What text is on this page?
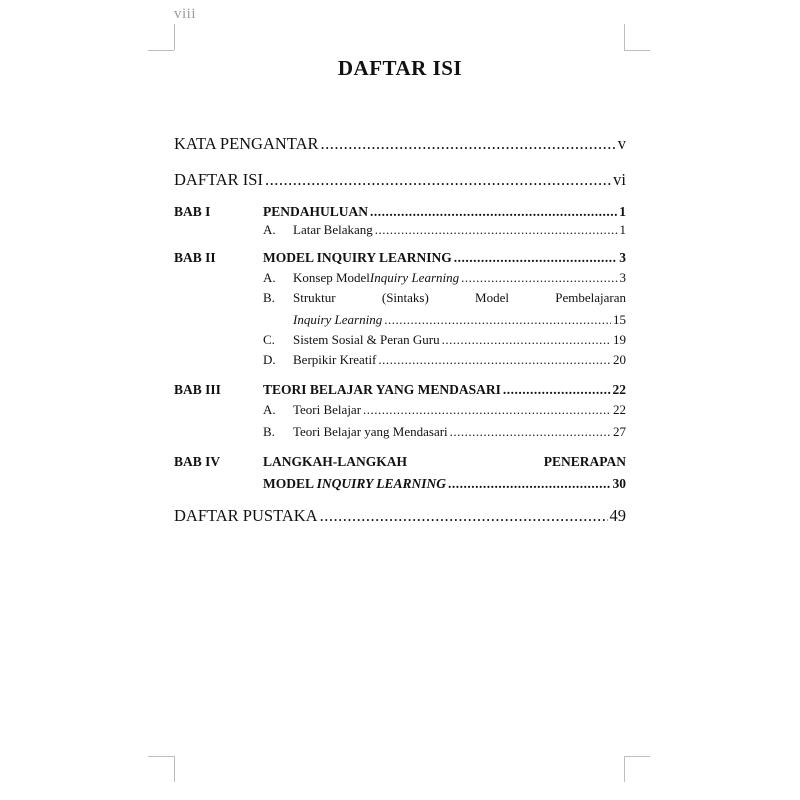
viii
DAFTAR ISI
KATA PENGANTAR .....	v
DAFTAR ISI .....	vi
BAB I	PENDAHULUAN .....	1
A.	Latar Belakang .....	1
BAB II	MODEL INQUIRY LEARNING .....	3
A.	Konsep Model Inquiry Learning .....	3
B.	Struktur	(Sintaks)	Model	Pembelajaran
Inquiry Learning .....	15
C.	Sistem Sosial & Peran Guru .....	19
D.	Berpikir Kreatif .....	20
BAB III	TEORI BELAJAR YANG MENDASARI .....	22
A.	Teori Belajar .....	22
B.	Teori Belajar yang Mendasari .....	27
BAB IV	LANGKAH-LANGKAH	PENERAPAN
MODEL INQUIRY LEARNING .....	30
DAFTAR PUSTAKA .....	49
